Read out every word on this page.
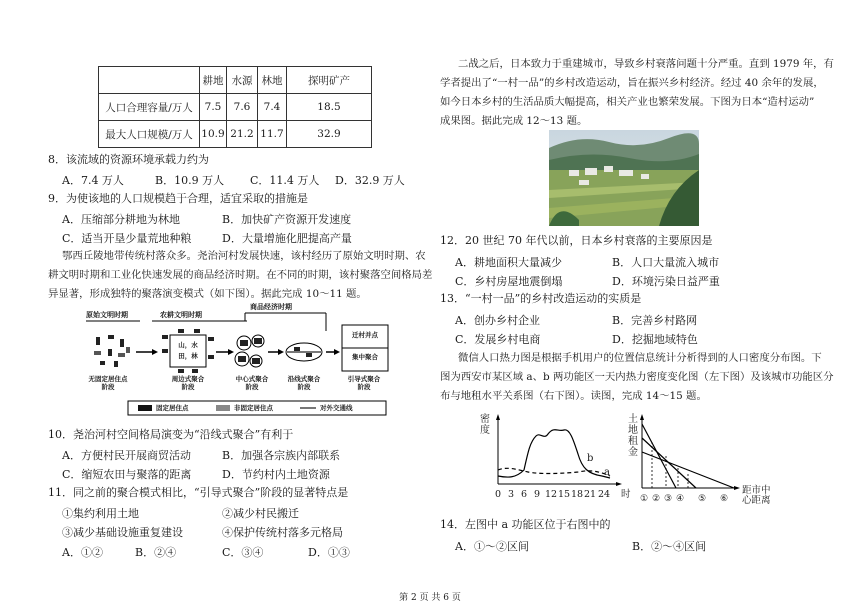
	耕地	水源	林地	探明矿产
人口合理容量/万人	7.5	7.6	7.4	18.5
最大人口规模/万人	10.9	21.2	11.7	32.9
8．该流域的资源环境承载力约为
A．7.4 万人	B．10.9 万人 C．11.4 万人 D．32.9 万人
9．为使该地的人口规模趋于合理，适宜采取的措施是
A．压缩部分耕地为林地	B．加快矿产资源开发速度
C．适当开垦少量荒地种粮	D．大量增施化肥提高产量
鄂西丘陵地带传统村落众多。尧治河村发展快速，该村经历了原始文明时期、农
耕文明时期和工业化快速发展的商品经济时期。在不同的时期，该村聚落空间格局差
异显著，形成独特的聚落演变模式（如下图）。据此完成 10～11 题。
原始文明时期	农耕文明时期
商品经济时期
山，水
田，林
迁村并点
集中聚合
无固定居住点
阶段
周边式聚合
阶段
中心式聚合
阶段
沿线式聚合
阶段
引导式聚合
阶段
固定居住点	非固定居住点	对外交通线
10．尧治河村空间格局演变为“沿线式聚合”有利于
A．方便村民开展商贸活动	B．加强各宗族内部联系
C．缩短农田与聚落的距离	D．节约村内土地资源
11．同之前的聚合模式相比，“引导式聚合”阶段的显著特点是
①集约利用土地	②减少村民搬迁
③减少基础设施重复建设	④保护传统村落多元格局
A．①②	B．②④	C．③④	D．①③
二战之后，日本致力于重建城市，导致乡村衰落问题十分严重。直到 1979 年，有
学者提出了“一村一品”的乡村改造运动，旨在振兴乡村经济。经过 40 余年的发展，
如今日本乡村的生活品质大幅提高，相关产业也繁荣发展。下图为日本“造村运动”
成果图。据此完成 12～13 题。
12．20 世纪 70 年代以前，日本乡村衰落的主要原因是
A．耕地面积大量减少	B．人口大量流入城市
C．乡村房屋地震倒塌	D．环境污染日益严重
13．“一村一品”的乡村改造运动的实质是
A．创办乡村企业	B．完善乡村路网
C．发展乡村电商	D．挖掘地域特色
微信人口热力图是根据手机用户的位置信息统计分析得到的人口密度分布图。下
图为西安市某区域 a、b 两功能区一天内热力密度变化图（左下图）及该城市功能区分
布与地租水平关系图（右下图）。读图，完成 14～15 题。
密度
b
a
0 3 6 9 12 15 18 21 24 时
土地租金
① ② ③ ④ ⑤ ⑥
距市中心距离
14．左图中 a 功能区位于右图中的
A．①～②区间	B．②～④区间
第 2 页 共 6 页
